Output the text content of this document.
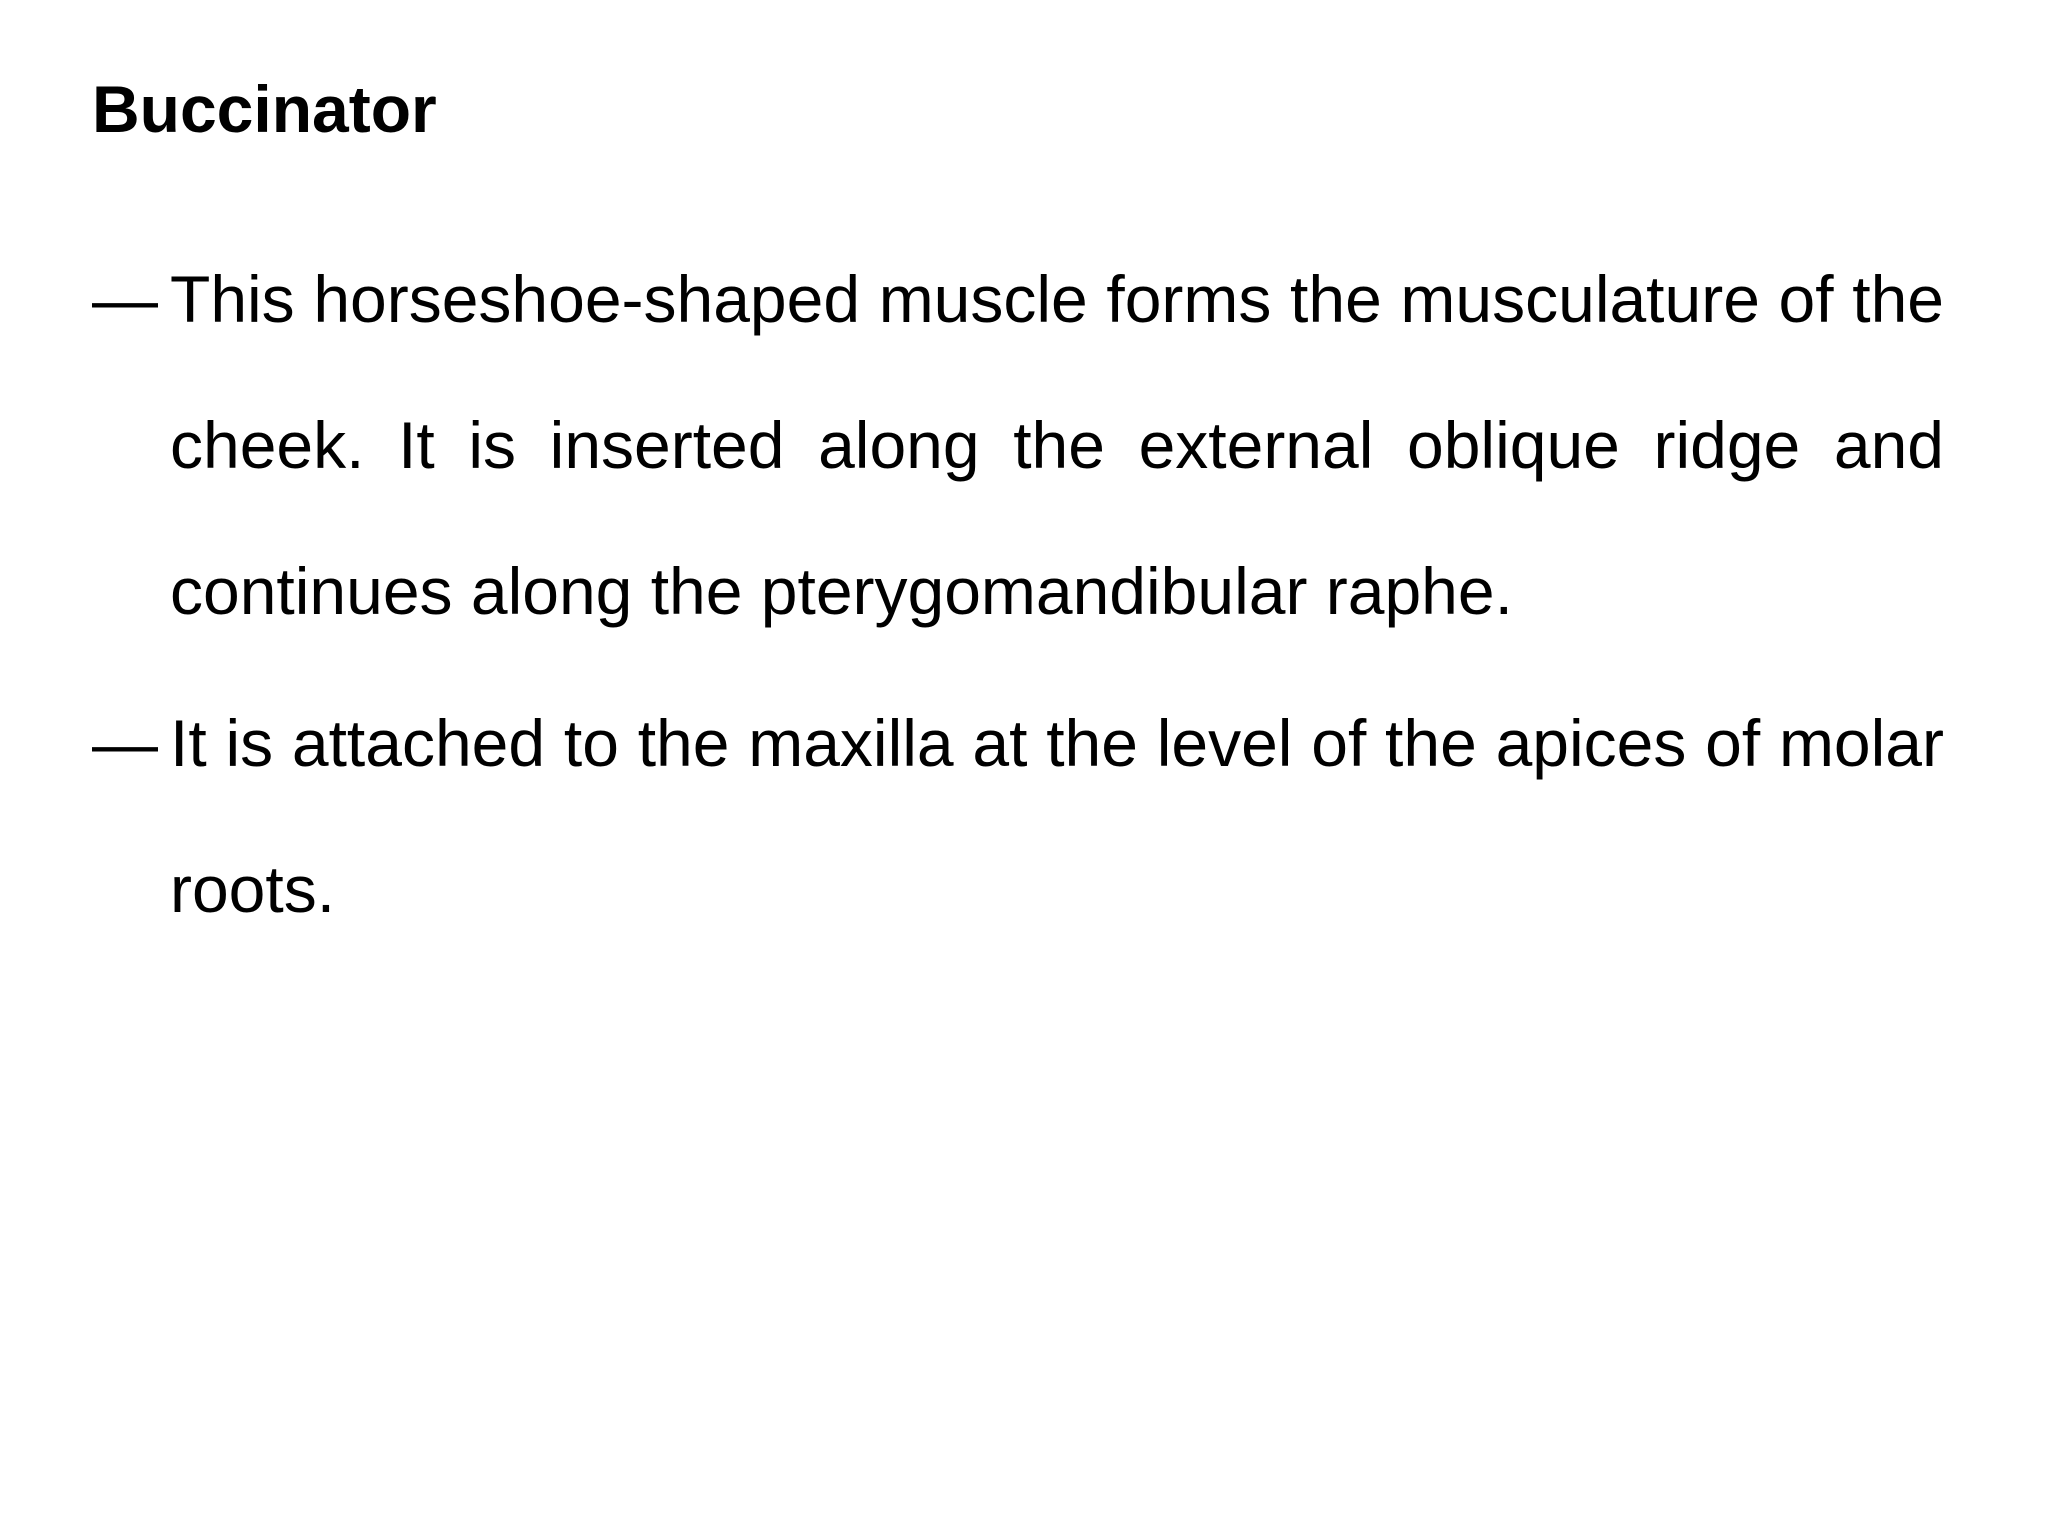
Buccinator
— This horseshoe-shaped muscle forms the musculature of the cheek. It is inserted along the external oblique ridge and continues along the pterygomandibular raphe.
— It is attached to the maxilla at the level of the apices of molar roots.
